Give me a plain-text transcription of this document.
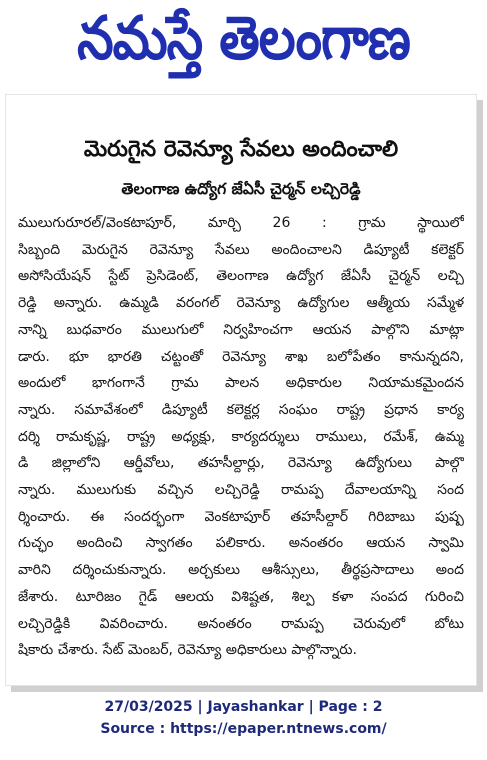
నమస్తే తెలంగాణ
మెరుగైన రెవెన్యూ సేవలు అందించాలి
తెలంగాణ ఉద్యోగ జేఏసీ చైర్మన్ లచ్చిరెడ్డి
ములుగురూరల్/వెంకటాపూర్, మార్చి 26 : గ్రామ స్థాయిలో
సిబ్బంది మెరుగైన రెవెన్యూ సేవలు అందించాలని డిప్యూటీ కలెక్టర్
అసోసియేషన్ స్టేట్ ప్రెసిడెంట్, తెలంగాణ ఉద్యోగ జేఏసీ చైర్మన్ లచ్చి
రెడ్డి అన్నారు. ఉమ్మడి వరంగల్ రెవెన్యూ ఉద్యోగుల ఆత్మీయ సమ్మేళ
నాన్ని బుధవారం ములుగులో నిర్వహించగా ఆయన పాల్గొని మాట్లా
డారు. భూ భారతి చట్టంతో రెవెన్యూ శాఖ బలోపేతం కానున్నదని,
అందులో భాగంగానే గ్రామ పాలన అధికారుల నియామకమైందన
న్నారు. సమావేశంలో డిప్యూటీ కలెక్టర్ల సంఘం రాష్ట్ర ప్రధాన కార్య
దర్శి రామకృష్ణ, రాష్ట్ర అధ్యక్షు, కార్యదర్శులు రాములు, రమేశ్, ఉమ్మ
డి జిల్లాలోని ఆర్డీవోలు, తహసీల్దార్లు, రెవెన్యూ ఉద్యోగులు పాల్గొ
న్నారు. ములుగుకు వచ్చిన లచ్చిరెడ్డి రామప్ప దేవాలయాన్ని సంద
ర్శించారు. ఈ సందర్భంగా వెంకటాపూర్ తహసీల్దార్ గిరిబాబు పుష్ప
గుచ్ఛం అందించి స్వాగతం పలికారు. అనంతరం ఆయన స్వామి
వారిని దర్శించుకున్నారు. అర్చకులు ఆశీస్సులు, తీర్థప్రసాదాలు అంద
జేశారు. టూరిజం గైడ్ ఆలయ విశిష్టత, శిల్ప కళా సంపద గురించి
లచ్చిరెడ్డికి వివరించారు. అనంతరం రామప్ప చెరువులో బోటు
షికారు చేశారు. సేట్ మెంబర్, రెవెన్యూ అధికారులు పాల్గొన్నారు.
27/03/2025 | Jayashankar | Page : 2
Source : https://epaper.ntnews.com/
